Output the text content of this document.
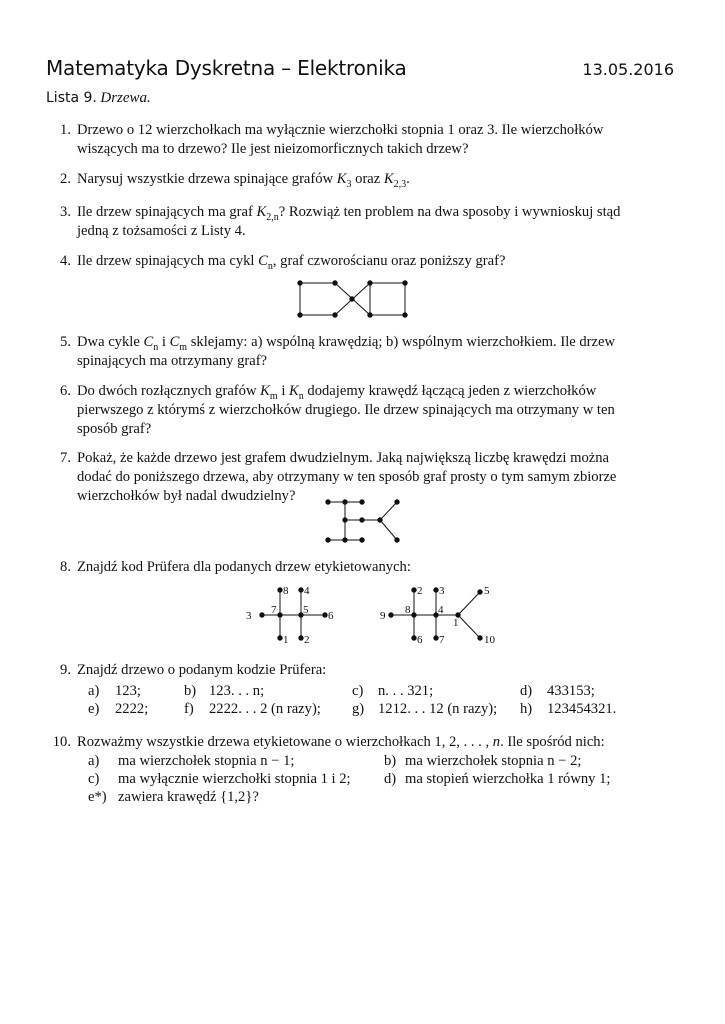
Matematyka Dyskretna – Elektronika	13.05.2016
Lista 9. Drzewa.
1. Drzewo o 12 wierzchołkach ma wyłącznie wierzchołki stopnia 1 oraz 3. Ile wierzchołków
wiszących ma to drzewo? Ile jest nieizomorficznych takich drzew?
2. Narysuj wszystkie drzewa spinające grafów $K_3$ oraz $K_{2,3}$.
3. Ile drzew spinających ma graf $K_{2,n}$? Rozwiąż ten problem na dwa sposoby i wywnioskuj stąd
jedną z tożsamości z Listy 4.
4. Ile drzew spinających ma cykl $C_n$, graf czworościanu oraz poniższy graf?
3 7
8
1
5
4
2
6	9 8
2
6
4
3
7
1
5
10
5. Dwa cykle $C_n$ i $C_m$ sklejamy: a) wspólną krawędzią; b) wspólnym wierzchołkiem. Ile drzew
spinających ma otrzymany graf?
6. Do dwóch rozłącznych grafów $K_m$ i $K_n$ dodajemy krawędź łączącą jeden z wierzchołków
pierwszego z którymś z wierzchołków drugiego. Ile drzew spinających ma otrzymany w ten
sposób graf?
7. Pokaż, że każde drzewo jest grafem dwudzielnym. Jaką największą liczbę krawędzi można
dodać do poniższego drzewa, aby otrzymany w ten sposób graf prosty o tym samym zbiorze
wierzchołków był nadal dwudzielny?
8. Znajdź kod Prüfera dla podanych drzew etykietowanych:
9. Znajdź drzewo o podanym kodzie Prüfera:
a) 123;	b) 123. . . n;	c) n. . . 321;	d) 433153;
e) 2222; f) 2222. . . 2 (n razy); g) 1212. . . 12 (n razy); h) 123454321.
10. Rozważmy wszystkie drzewa etykietowane o wierzchołkach 1, 2, . . . , n. Ile spośród nich:
a) ma wierzchołek stopnia n − 1;	b) ma wierzchołek stopnia n − 2;
c) ma wyłącznie wierzchołki stopnia 1 i 2; d) ma stopień wierzchołka 1 równy 1;
e*) zawiera krawędź {1,2}?
